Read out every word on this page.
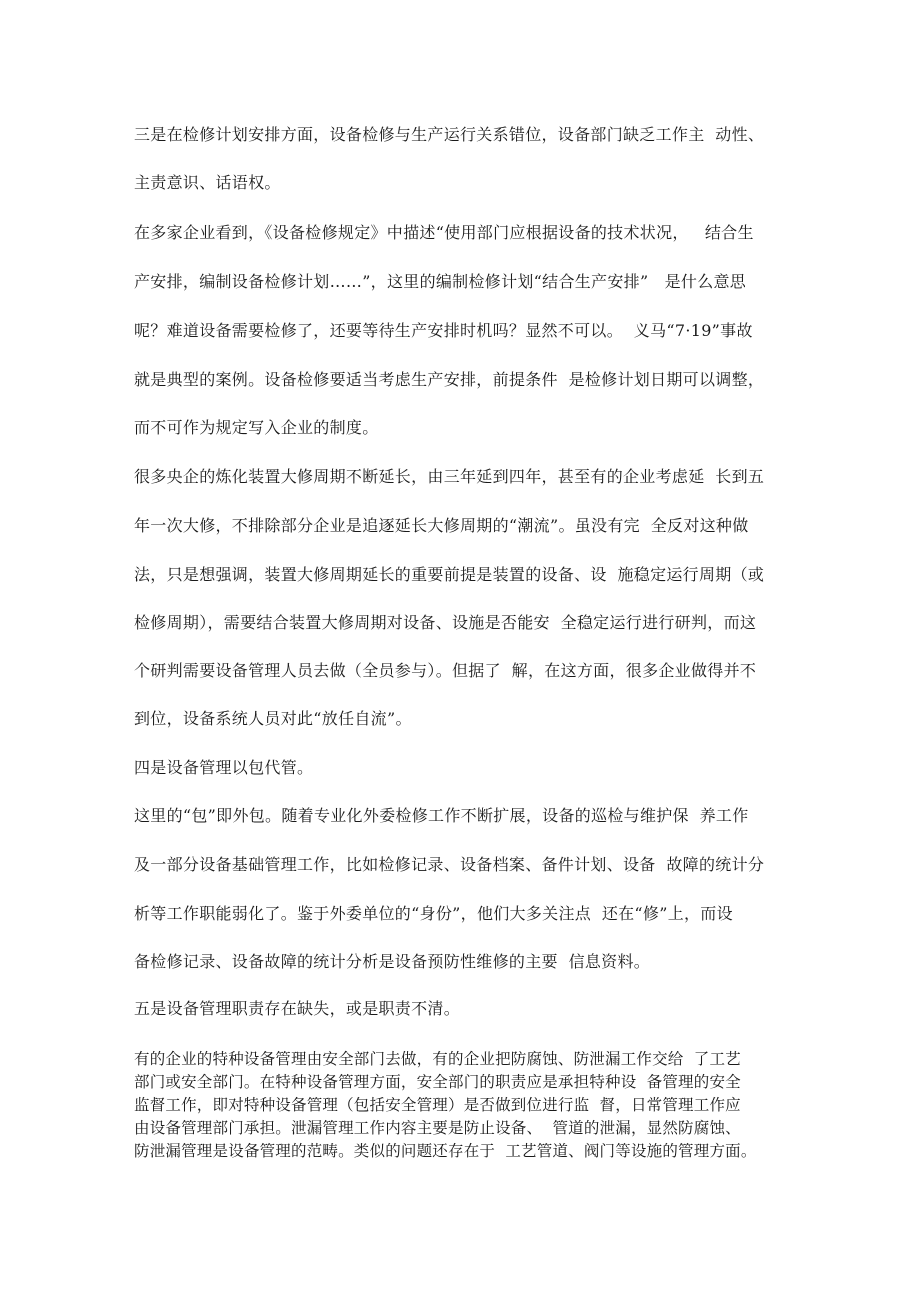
三是在检修计划安排方面，设备检修与生产运行关系错位，设备部门缺乏工作主  动性、
主责意识、话语权。
在多家企业看到，《设备检修规定》中描述“使用部门应根据设备的技术状况，   结合生
产安排，编制设备检修计划……”，这里的编制检修计划“结合生产安排”   是什么意思
呢？难道设备需要检修了，还要等待生产安排时机吗？显然不可以。  义马“7·19”事故
就是典型的案例。设备检修要适当考虑生产安排，前提条件  是检修计划日期可以调整，
而不可作为规定写入企业的制度。
很多央企的炼化装置大修周期不断延长，由三年延到四年，甚至有的企业考虑延  长到五
年一次大修，不排除部分企业是追逐延长大修周期的“潮流”。虽没有完  全反对这种做
法，只是想强调，装置大修周期延长的重要前提是装置的设备、设  施稳定运行周期（或
检修周期），需要结合装置大修周期对设备、设施是否能安  全稳定运行进行研判，而这
个研判需要设备管理人员去做（全员参与）。但据了  解，在这方面，很多企业做得并不
到位，设备系统人员对此“放任自流”。
四是设备管理以包代管。
这里的“包”即外包。随着专业化外委检修工作不断扩展，设备的巡检与维护保  养工作
及一部分设备基础管理工作，比如检修记录、设备档案、备件计划、设备  故障的统计分
析等工作职能弱化了。鉴于外委单位的“身份”，他们大多关注点  还在“修”上，而设
备检修记录、设备故障的统计分析是设备预防性维修的主要  信息资料。
五是设备管理职责存在缺失，或是职责不清。
有的企业的特种设备管理由安全部门去做，有的企业把防腐蚀、防泄漏工作交给  了工艺
部门或安全部门。在特种设备管理方面，安全部门的职责应是承担特种设  备管理的安全
监督工作，即对特种设备管理（包括安全管理）是否做到位进行监  督，日常管理工作应
由设备管理部门承担。泄漏管理工作内容主要是防止设备、  管道的泄漏，显然防腐蚀、
防泄漏管理是设备管理的范畴。类似的问题还存在于  工艺管道、阀门等设施的管理方面。
